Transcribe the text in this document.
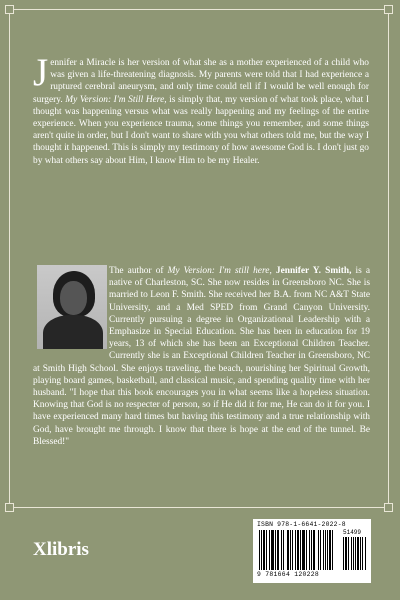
Jennifer a Miracle is her version of what she as a mother experienced of a child who was given a life-threatening diagnosis. My parents were told that I had experience a ruptured cerebral aneurysm, and only time could tell if I would be well enough for surgery. My Version: I'm Still Here, is simply that, my version of what took place, what I thought was happening versus what was really happening and my feelings of the entire experience. When you experience trauma, some things you remember, and some things aren't quite in order, but I don't want to share with you what others told me, but the way I thought it happened. This is simply my testimony of how awesome God is. I don't just go by what others say about Him, I know Him to be my Healer.
The author of My Version: I'm still here, Jennifer Y. Smith, is a native of Charleston, SC. She now resides in Greensboro NC. She is married to Leon F. Smith. She received her B.A. from NC A&T State University, and a Med SPED from Grand Canyon University. Currently pursuing a degree in Organizational Leadership with a Emphasize in Special Education. She has been in education for 19 years, 13 of which she has been an Exceptional Children Teacher. Currently she is an Exceptional Children Teacher in Greensboro, NC at Smith High School. She enjoys traveling, the beach, nourishing her Spiritual Growth, playing board games, basketball, and classical music, and spending quality time with her husband. "I hope that this book encourages you in what seems like a hopeless situation. Knowing that God is no respecter of person, so if He did it for me, He can do it for you. I have experienced many hard times but having this testimony and a true relationship with God, have brought me through. I know that there is hope at the end of the tunnel. Be Blessed!"
Xlibris
ISBN 978-1-6641-2022-8
51499
9 781664 120228
